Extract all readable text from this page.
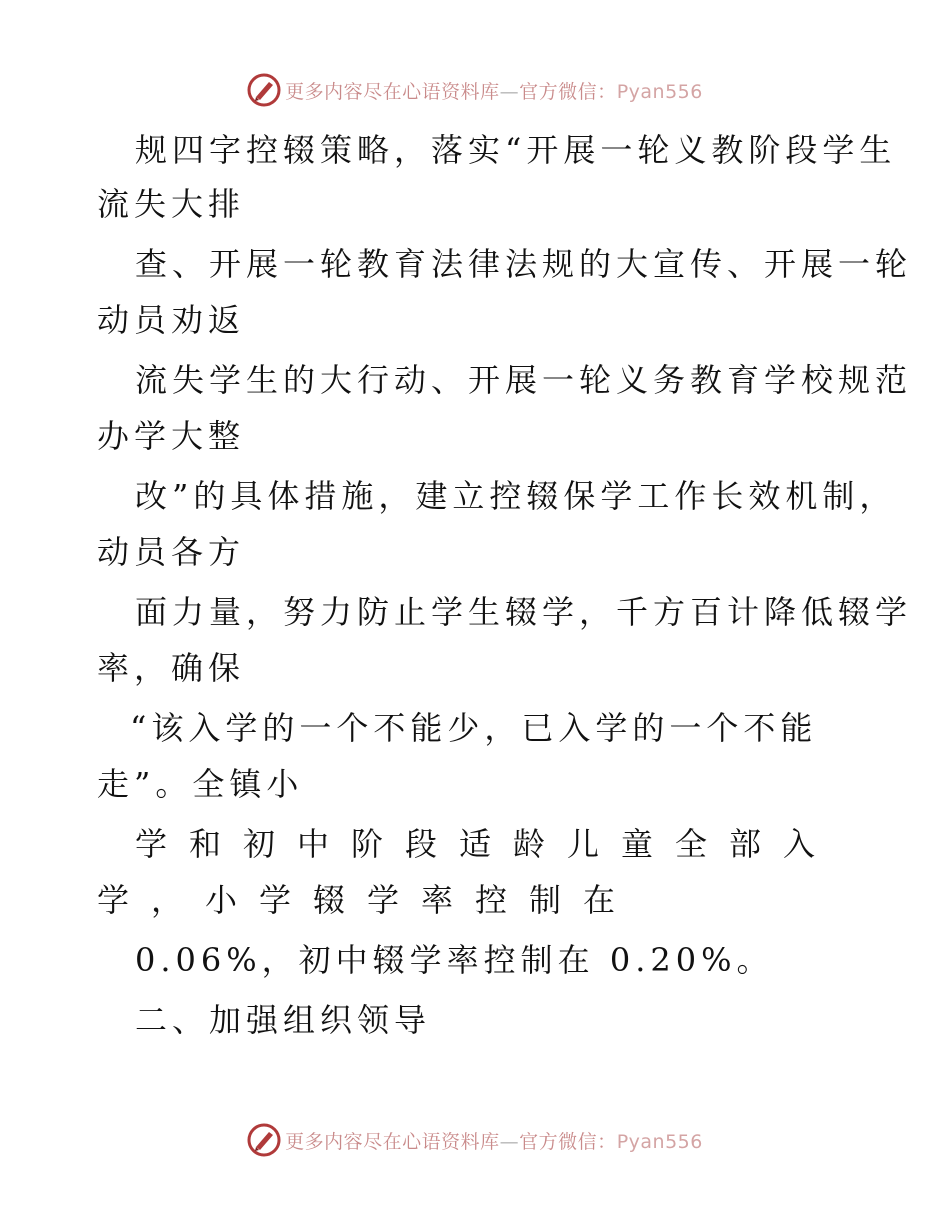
更多内容尽在心语资料库—官方微信：Pyan556
规四字控辍策略，落实“开展一轮义教阶段学生
流失大排
查、开展一轮教育法律法规的大宣传、开展一轮
动员劝返
流失学生的大行动、开展一轮义务教育学校规范
办学大整
改”的具体措施，建立控辍保学工作长效机制，
动员各方
面力量，努力防止学生辍学，千方百计降低辍学
率，确保
“该入学的一个不能少，已入学的一个不能
走”。全镇小
学和初中阶段适龄儿童全部入
学，小学辍学率控制在
0.06%，初中辍学率控制在 0.20%。
二、加强组织领导
更多内容尽在心语资料库—官方微信：Pyan556
